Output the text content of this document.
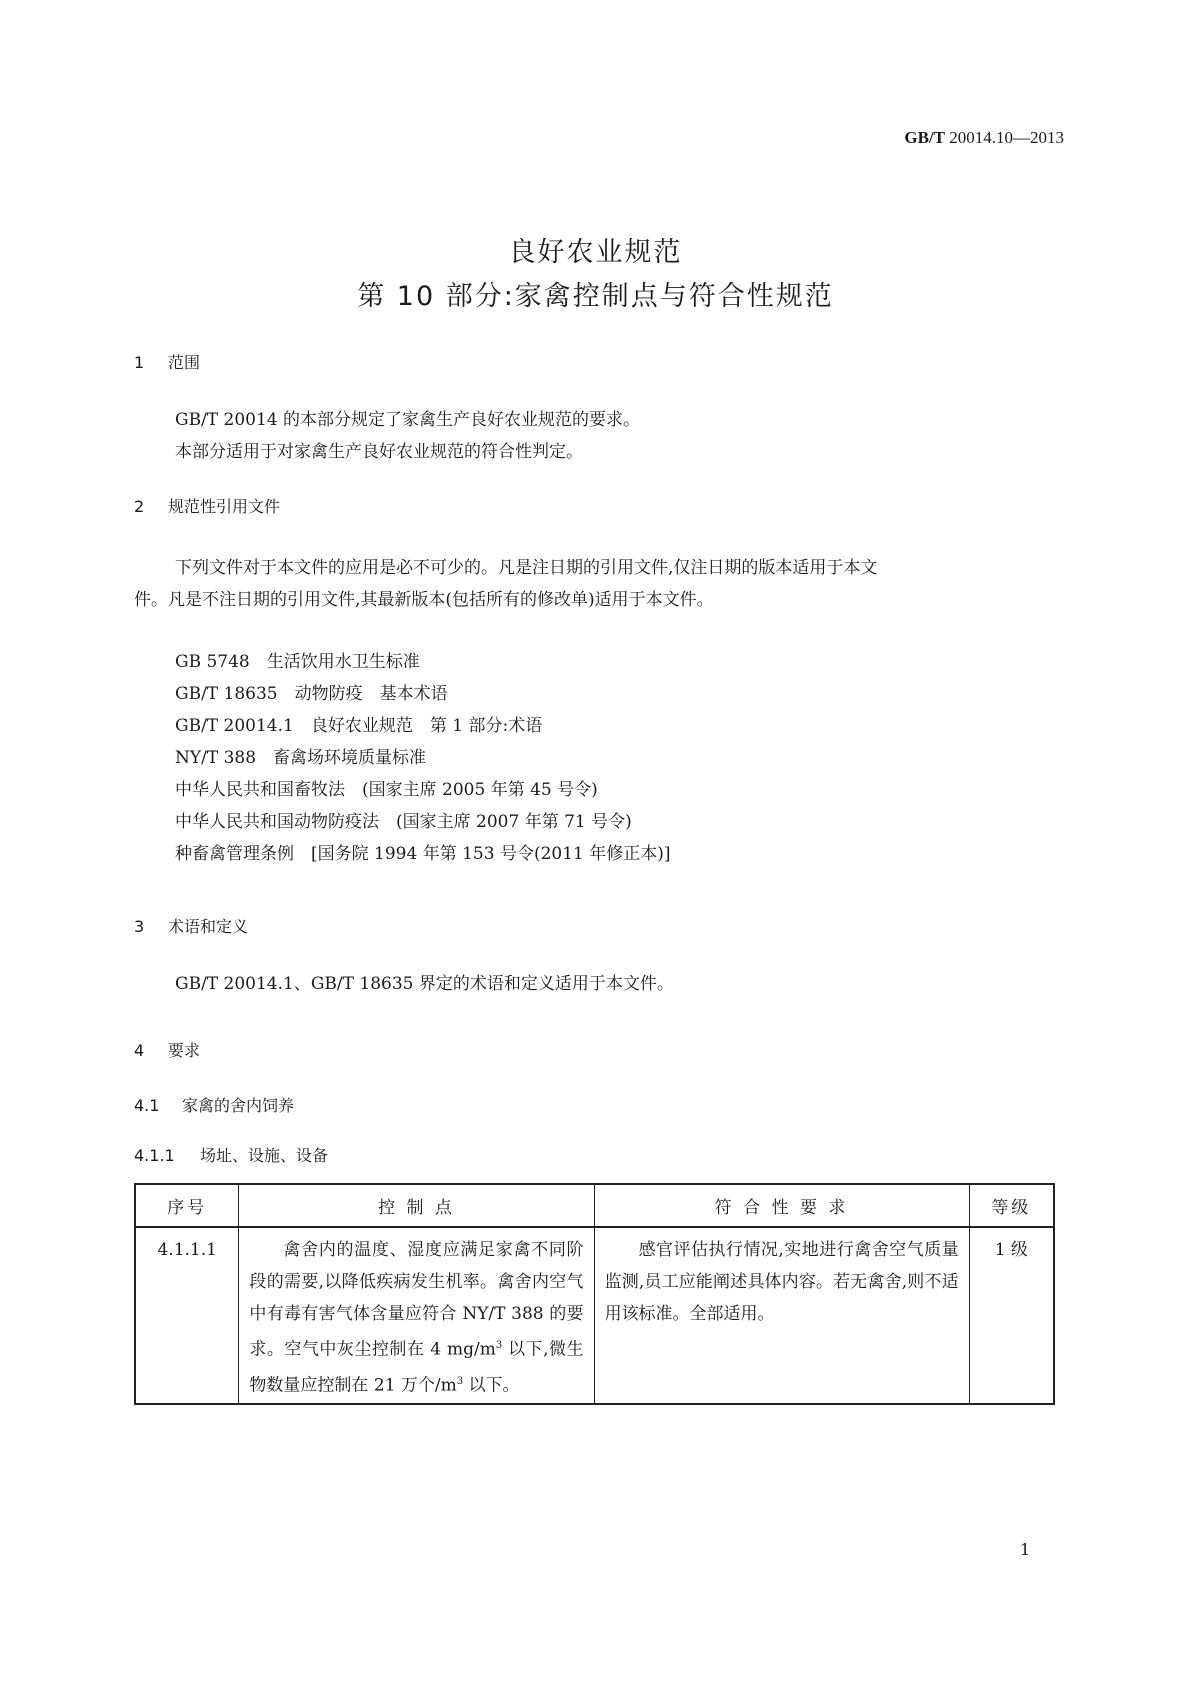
GB/T 20014.10—2013
良好农业规范
第 10 部分:家禽控制点与符合性规范
1 范围
GB/T 20014 的本部分规定了家禽生产良好农业规范的要求。
本部分适用于对家禽生产良好农业规范的符合性判定。
2 规范性引用文件
下列文件对于本文件的应用是必不可少的。凡是注日期的引用文件,仅注日期的版本适用于本文
件。凡是不注日期的引用文件,其最新版本(包括所有的修改单)适用于本文件。
GB 5748　生活饮用水卫生标准
GB/T 18635　动物防疫　基本术语
GB/T 20014.1　良好农业规范　第 1 部分:术语
NY/T 388　畜禽场环境质量标准
中华人民共和国畜牧法　(国家主席 2005 年第 45 号令)
中华人民共和国动物防疫法　(国家主席 2007 年第 71 号令)
种畜禽管理条例　[国务院 1994 年第 153 号令(2011 年修正本)]
3 术语和定义
GB/T 20014.1、GB/T 18635 界定的术语和定义适用于本文件。
4 要求
4.1 家禽的舍内饲养
4.1.1 场址、设施、设备
序号	控 制 点	符 合 性 要 求	等级
4.1.1.1	禽舍内的温度、湿度应满足家禽不同阶段的需要,以降低疾病发生机率。禽舍内空气中有毒有害气体含量应符合 NY/T 388 的要求。空气中灰尘控制在 4 $mg/m^3$ 以下,微生物数量应控制在 21 万个$/m^3$ 以下。	感官评估执行情况,实地进行禽舍空气质量监测,员工应能阐述具体内容。若无禽舍,则不适用该标准。全部适用。	1 级
1
